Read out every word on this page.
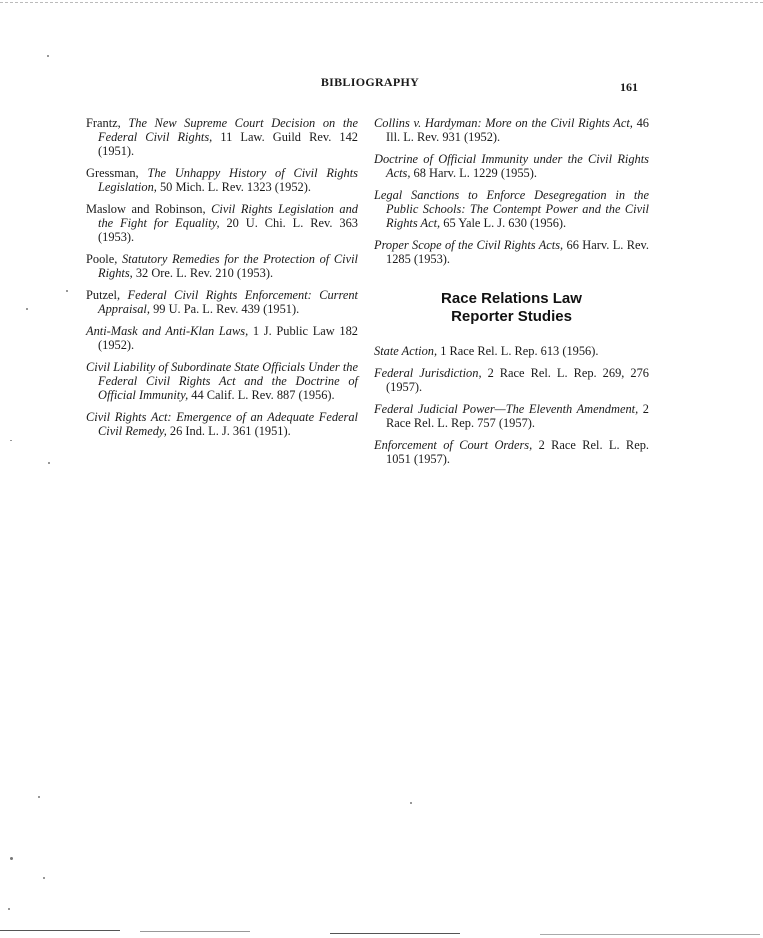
BIBLIOGRAPHY	161

Frantz, The New Supreme Court Decision on the Federal Civil Rights, 11 Law. Guild Rev. 142 (1951).

Gressman, The Unhappy History of Civil Rights Legislation, 50 Mich. L. Rev. 1323 (1952).

Maslow and Robinson, Civil Rights Legislation and the Fight for Equality, 20 U. Chi. L. Rev. 363 (1953).

Poole, Statutory Remedies for the Protection of Civil Rights, 32 Ore. L. Rev. 210 (1953).

Putzel, Federal Civil Rights Enforcement: Current Appraisal, 99 U. Pa. L. Rev. 439 (1951).

Anti-Mask and Anti-Klan Laws, 1 J. Public Law 182 (1952).

Civil Liability of Subordinate State Officials Under the Federal Civil Rights Act and the Doctrine of Official Immunity, 44 Calif. L. Rev. 887 (1956).

Civil Rights Act: Emergence of an Adequate Federal Civil Remedy, 26 Ind. L. J. 361 (1951).

Collins v. Hardyman: More on the Civil Rights Act, 46 Ill. L. Rev. 931 (1952).

Doctrine of Official Immunity under the Civil Rights Acts, 68 Harv. L. 1229 (1955).

Legal Sanctions to Enforce Desegregation in the Public Schools: The Contempt Power and the Civil Rights Act, 65 Yale L. J. 630 (1956).

Proper Scope of the Civil Rights Acts, 66 Harv. L. Rev. 1285 (1953).

Race Relations Law
Reporter Studies

State Action, 1 Race Rel. L. Rep. 613 (1956).

Federal Jurisdiction, 2 Race Rel. L. Rep. 269, 276 (1957).

Federal Judicial Power—The Eleventh Amendment, 2 Race Rel. L. Rep. 757 (1957).

Enforcement of Court Orders, 2 Race Rel. L. Rep. 1051 (1957).
